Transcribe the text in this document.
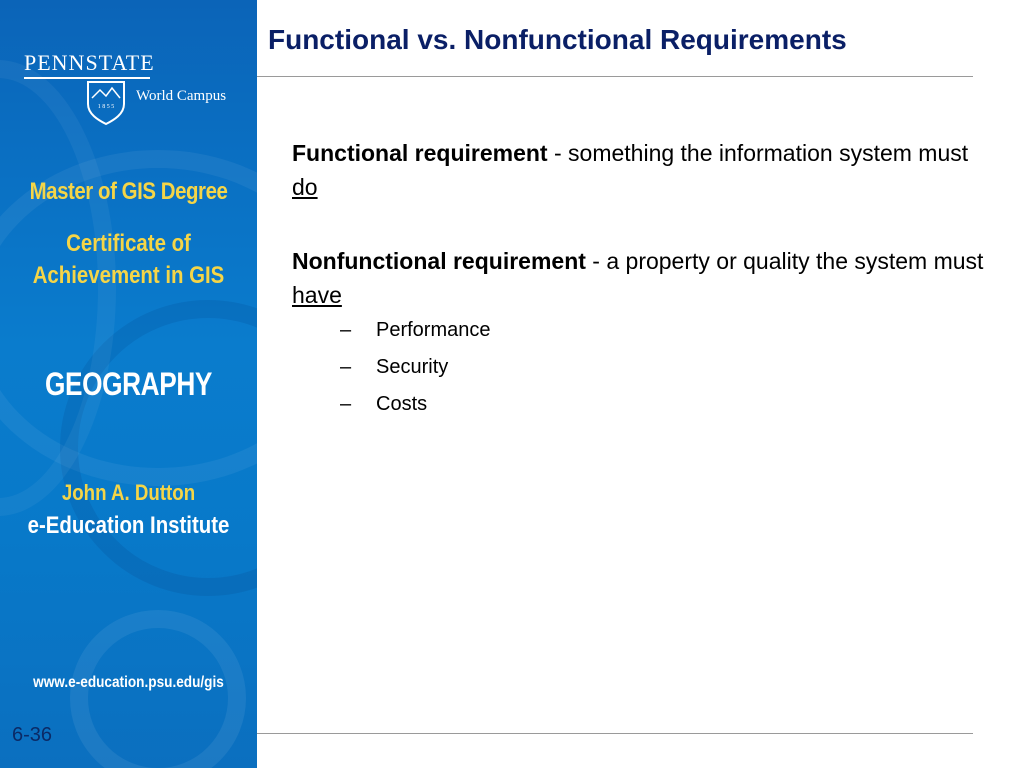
PENNSTATE
1 8 5 5
World Campus
Master of GIS Degree
Certificate of
Achievement in GIS
GEOGRAPHY
John A. Dutton
e-Education Institute
www.e-education.psu.edu/gis
6-36
Functional vs. Nonfunctional Requirements

Functional requirement - something the information system must do

Nonfunctional requirement - a property or quality the system must have

– Performance
– Security
– Costs
